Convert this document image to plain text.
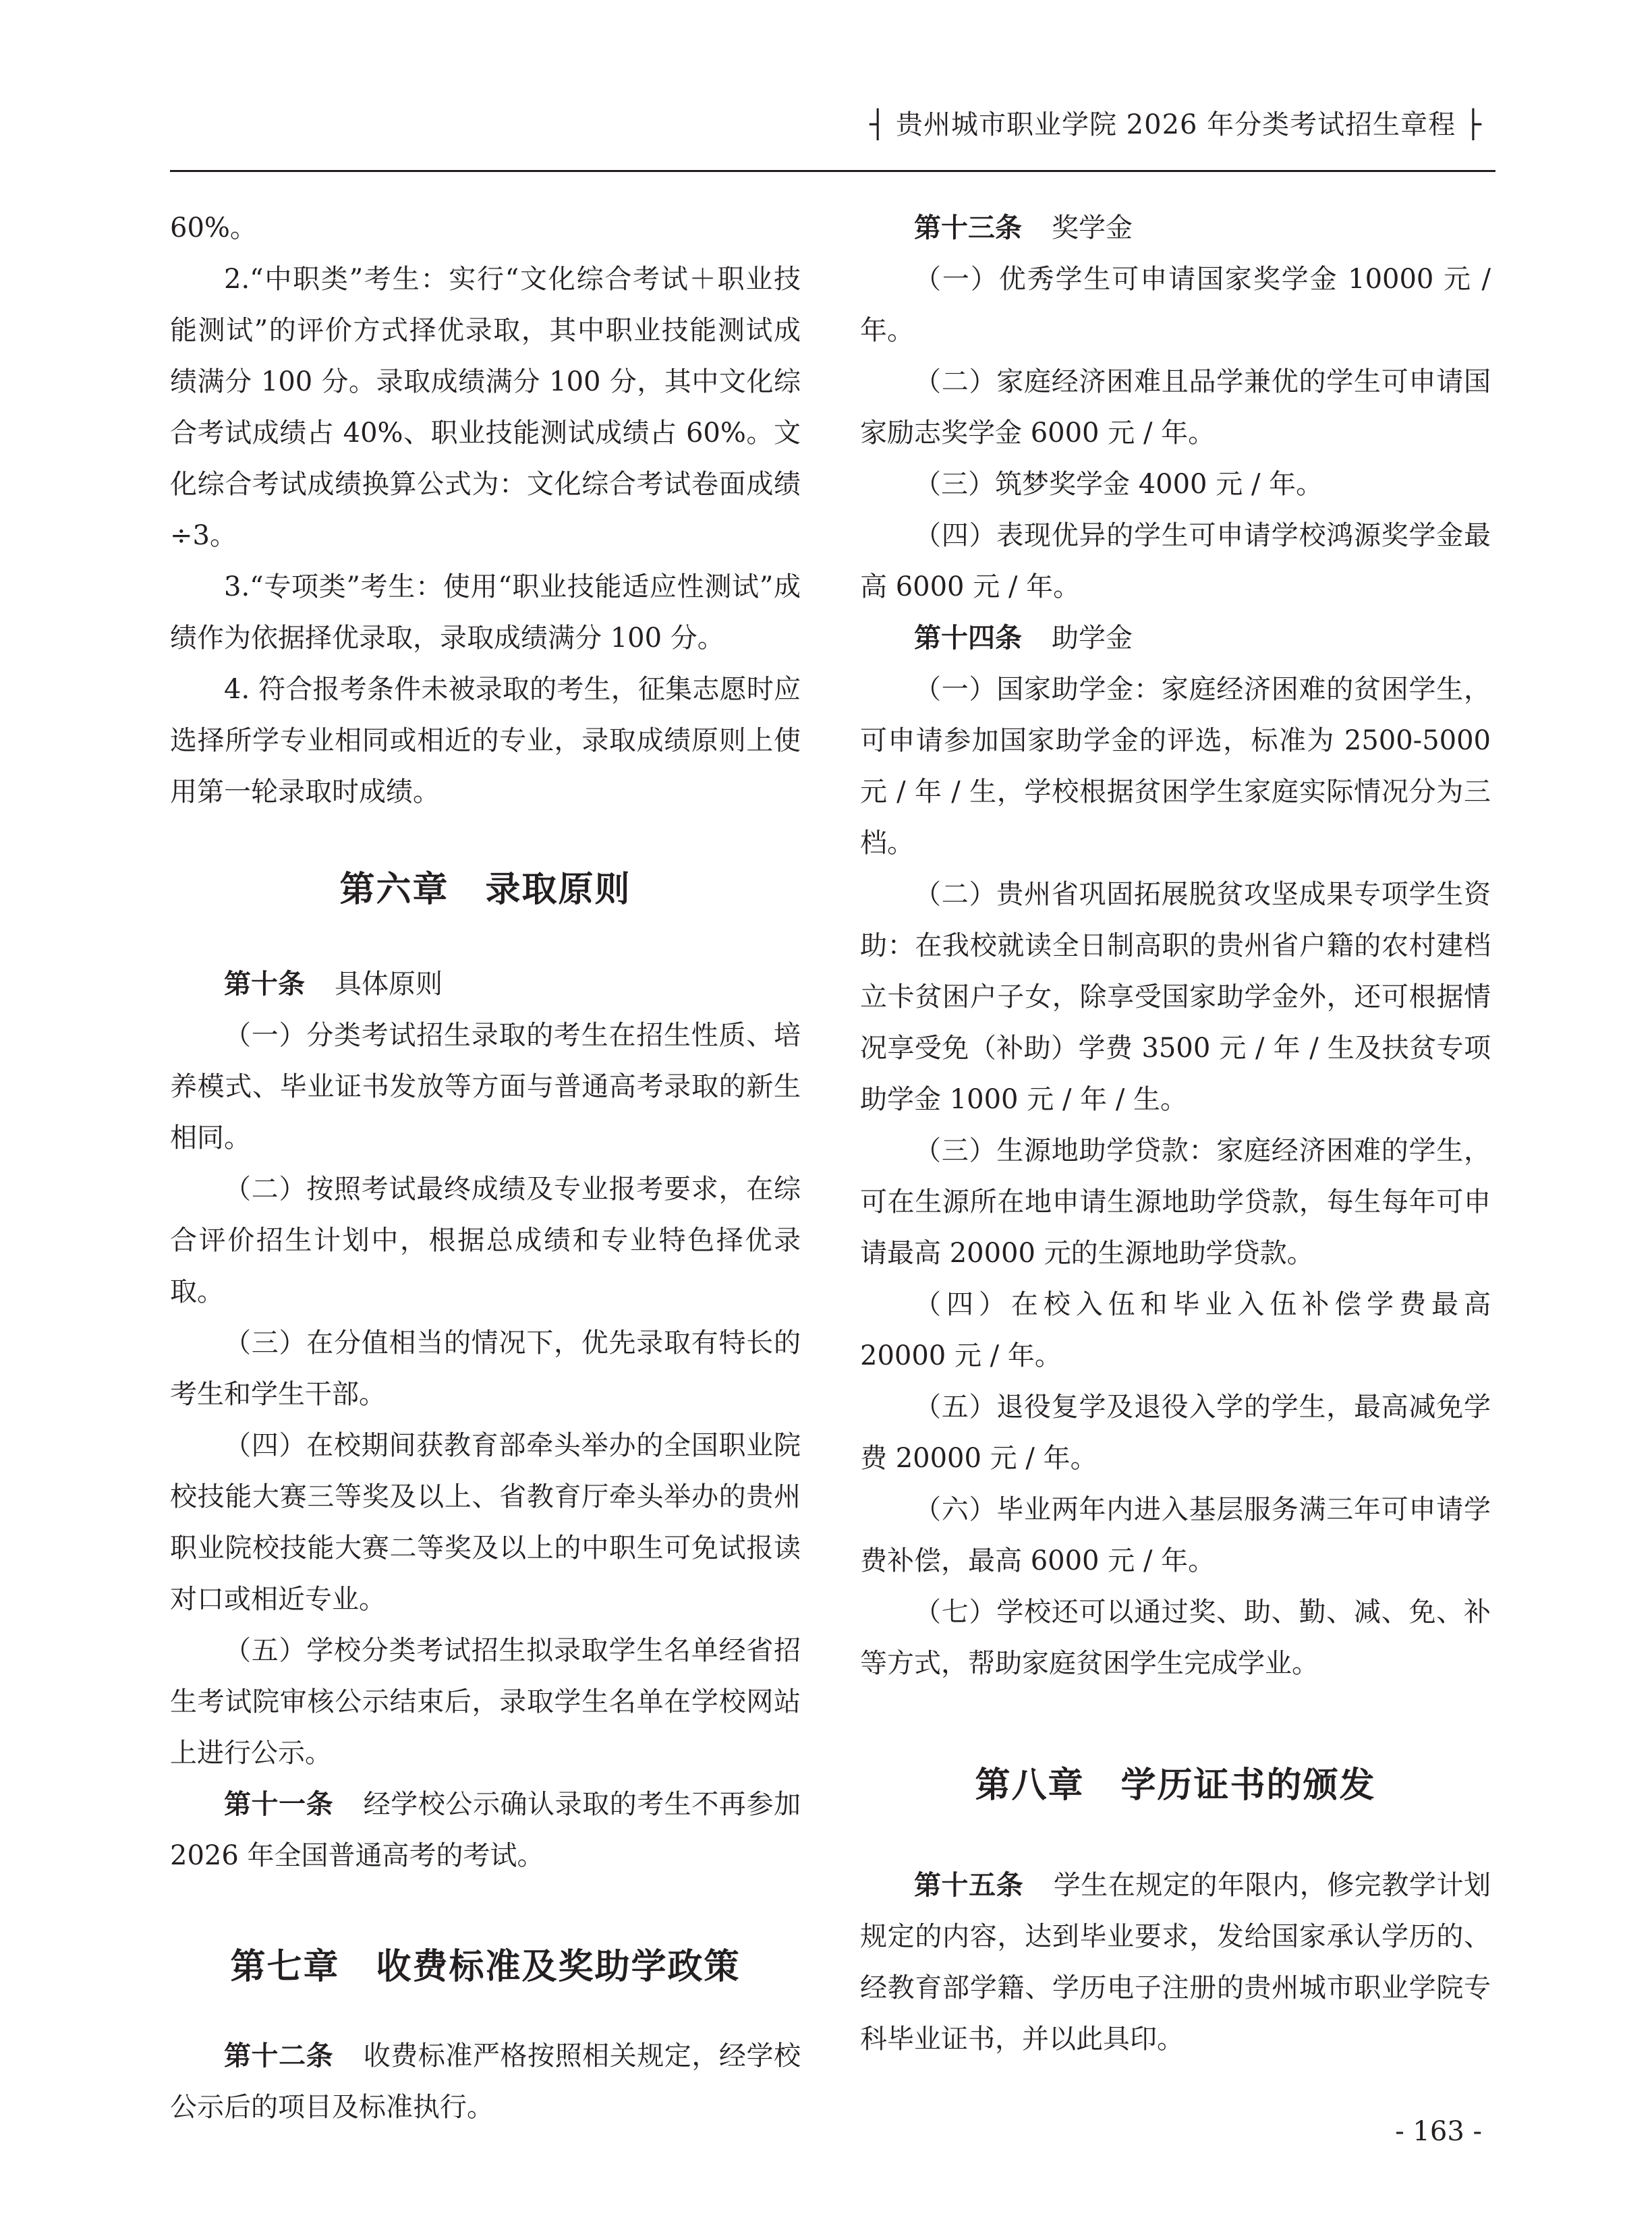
┤ 贵州城市职业学院 2026 年分类考试招生章程 ├

60%。

2.“中职类”考生：实行“文化综合考试＋职业技能测试”的评价方式择优录取，其中职业技能测试成绩满分 100 分。录取成绩满分 100 分，其中文化综合考试成绩占 40%、职业技能测试成绩占 60%。文化综合考试成绩换算公式为：文化综合考试卷面成绩 ÷3。

3.“专项类”考生：使用“职业技能适应性测试”成绩作为依据择优录取，录取成绩满分 100 分。

4. 符合报考条件未被录取的考生，征集志愿时应选择所学专业相同或相近的专业，录取成绩原则上使用第一轮录取时成绩。

第六章　录取原则

第十条 具体原则

（一）分类考试招生录取的考生在招生性质、培养模式、毕业证书发放等方面与普通高考录取的新生相同。

（二）按照考试最终成绩及专业报考要求，在综合评价招生计划中，根据总成绩和专业特色择优录取。

（三）在分值相当的情况下，优先录取有特长的考生和学生干部。

（四）在校期间获教育部牵头举办的全国职业院校技能大赛三等奖及以上、省教育厅牵头举办的贵州职业院校技能大赛二等奖及以上的中职生可免试报读对口或相近专业。

（五）学校分类考试招生拟录取学生名单经省招生考试院审核公示结束后，录取学生名单在学校网站上进行公示。

第十一条 经学校公示确认录取的考生不再参加 2026 年全国普通高考的考试。

第七章　收费标准及奖助学政策

第十二条 收费标准严格按照相关规定，经学校公示后的项目及标准执行。

第十三条 奖学金

（一）优秀学生可申请国家奖学金 10000 元 / 年。

（二）家庭经济困难且品学兼优的学生可申请国家励志奖学金 6000 元 / 年。

（三）筑梦奖学金 4000 元 / 年。

（四）表现优异的学生可申请学校鸿源奖学金最高 6000 元 / 年。

第十四条 助学金

（一）国家助学金：家庭经济困难的贫困学生，可申请参加国家助学金的评选，标准为 2500-5000 元 / 年 / 生，学校根据贫困学生家庭实际情况分为三档。

（二）贵州省巩固拓展脱贫攻坚成果专项学生资助：在我校就读全日制高职的贵州省户籍的农村建档立卡贫困户子女，除享受国家助学金外，还可根据情况享受免（补助）学费 3500 元 / 年 / 生及扶贫专项助学金 1000 元 / 年 / 生。

（三）生源地助学贷款：家庭经济困难的学生，可在生源所在地申请生源地助学贷款，每生每年可申请最高 20000 元的生源地助学贷款。

（四）在校入伍和毕业入伍补偿学费最高 20000 元 / 年。

（五）退役复学及退役入学的学生，最高减免学费 20000 元 / 年。

（六）毕业两年内进入基层服务满三年可申请学费补偿，最高 6000 元 / 年。

（七）学校还可以通过奖、助、勤、减、免、补等方式，帮助家庭贫困学生完成学业。

第八章　学历证书的颁发

第十五条 学生在规定的年限内，修完教学计划规定的内容，达到毕业要求，发给国家承认学历的、经教育部学籍、学历电子注册的贵州城市职业学院专科毕业证书，并以此具印。

- 163 -
